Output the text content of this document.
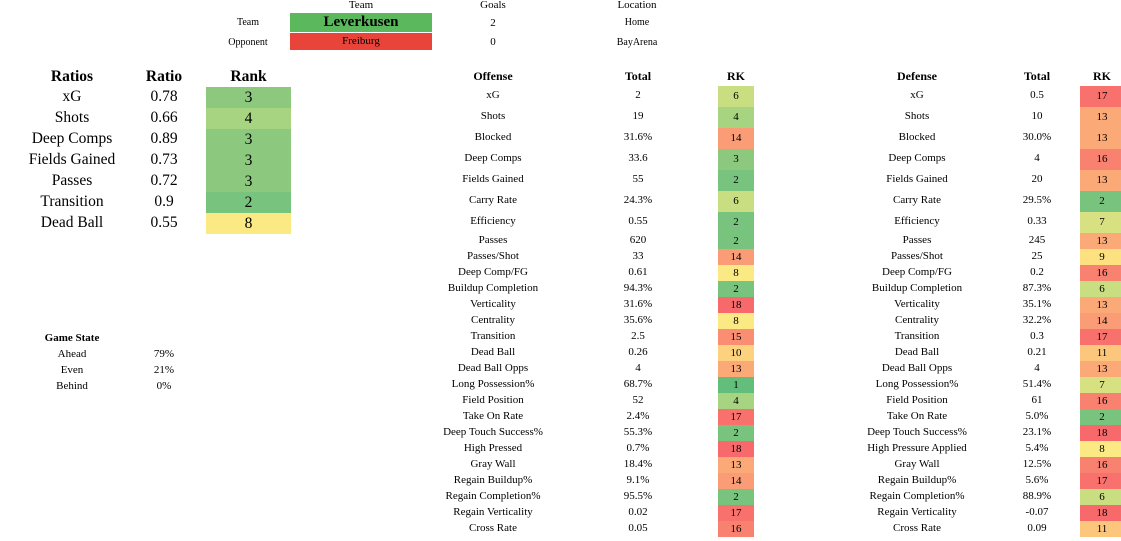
Team	Goals	Location
Team	Leverkusen	2	Home
Opponent	Freiburg	0	BayArena
Ratios	Ratio	Rank
xG	0.78	3
Shots	0.66	4
Deep Comps	0.89	3
Fields Gained	0.73	3
Passes	0.72	3
Transition	0.9	2
Dead Ball	0.55	8
Game State
Ahead	79%
Even	21%
Behind	0%
Offense	Total	RK
xG	2	6
Shots	19	4
Blocked	31.6%	14
Deep Comps	33.6	3
Fields Gained	55	2
Carry Rate	24.3%	6
Efficiency	0.55	2
Passes	620	2
Passes/Shot	33	14
Deep Comp/FG	0.61	8
Buildup Completion	94.3%	2
Verticality	31.6%	18
Centrality	35.6%	8
Transition	2.5	15
Dead Ball	0.26	10
Dead Ball Opps	4	13
Long Possession%	68.7%	1
Field Position	52	4
Take On Rate	2.4%	17
Deep Touch Success%	55.3%	2
High Pressed	0.7%	18
Gray Wall	18.4%	13
Regain Buildup%	9.1%	14
Regain Completion%	95.5%	2
Regain Verticality	0.02	17
Cross Rate	0.05	16
Defense	Total	RK
xG	0.5	17
Shots	10	13
Blocked	30.0%	13
Deep Comps	4	16
Fields Gained	20	13
Carry Rate	29.5%	2
Efficiency	0.33	7
Passes	245	13
Passes/Shot	25	9
Deep Comp/FG	0.2	16
Buildup Completion	87.3%	6
Verticality	35.1%	13
Centrality	32.2%	14
Transition	0.3	17
Dead Ball	0.21	11
Dead Ball Opps	4	13
Long Possession%	51.4%	7
Field Position	61	16
Take On Rate	5.0%	2
Deep Touch Success%	23.1%	18
High Pressure Applied	5.4%	8
Gray Wall	12.5%	16
Regain Buildup%	5.6%	17
Regain Completion%	88.9%	6
Regain Verticality	-0.07	18
Cross Rate	0.09	11
